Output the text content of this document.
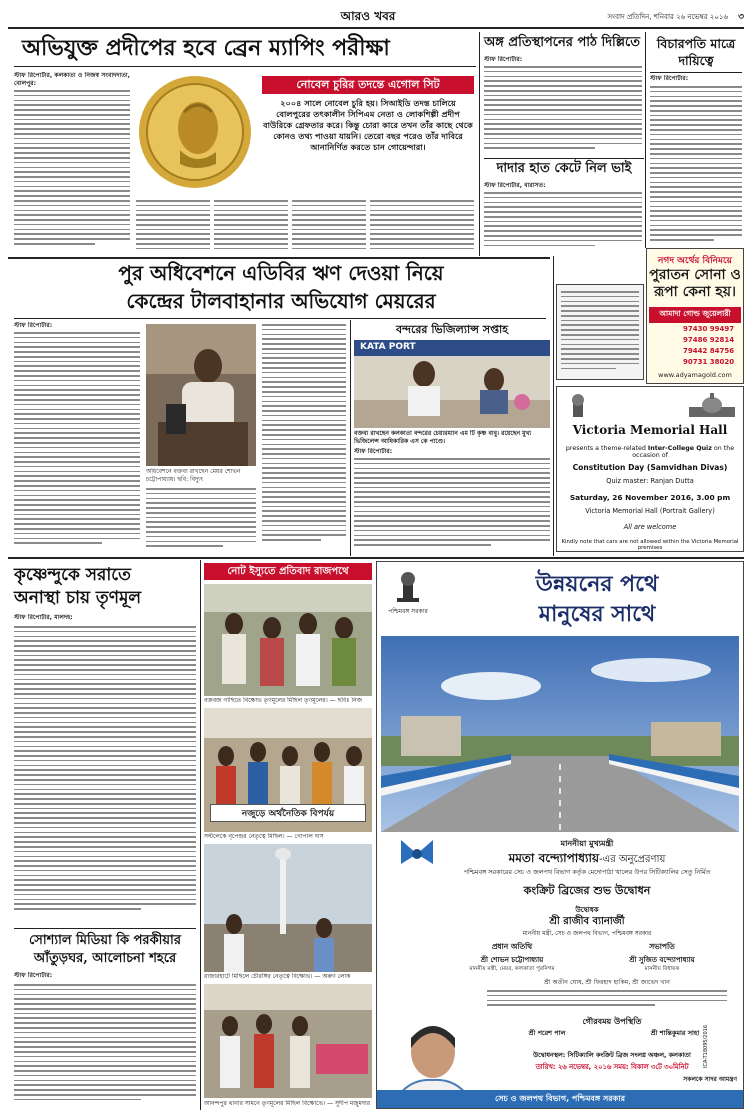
আরও খবর	সংবাদ প্রতিদিন, শনিবার ২৬ নভেম্বর ২০১৬ ৩
অভিযুক্ত প্রদীপের হবে ব্রেন ম্যাপিং পরীক্ষা
স্টাফ রিপোর্টার, কলকাতা ও নিজস্ব সংবাদদাতা, বোলপুর:	নোবেল চুরির তদন্তে এগোল সিট
২০০৪ সালে নোবেল চুরি হয়। সিআইডি তদন্ত চালিয়ে বোলপুরের তৎকালীন সিপিএম নেতা ও লোকশিল্পী প্রদীপ বাউরিকে গ্রেফতার করে। কিন্তু চোরা কারে তখন তাঁর কাছে থেকে কোনও তথ্য পাওয়া যায়নি। তেরো বছর পরেও তাঁর দাবিরে আনানির্ণিত করতে চান গোয়েন্দারা।
অঙ্গ প্রতিস্থাপনের পাঠ দিল্লিতে
স্টাফ রিপোর্টার:
বিচারপতি মাত্রে দায়িত্বে
স্টাফ রিপোর্টার:
দাদার হাত কেটে নিল ভাই
স্টাফ রিপোর্টার, বারাসত:
নগদ অর্থের বিনিময়ে
পুরাতন সোনা ও রূপা কেনা হয়।
আমাদা গোল্ড জুয়েলারী
97430 99497
97486 92814
79442 84756
90731 38020
www.adyamagold.com
পুর অধিবেশনে এডিবির ঋণ দেওয়া নিয়ে
কেন্দ্রের টালবাহানার অভিযোগ মেয়রের
স্টাফ রিপোর্টার:
অধিবেশনে বক্তব্য রাখছেন মেয়র শোভন চট্টোপাধ্যায়। ছবি: বিদ্যুৎ
বন্দরের ভিজিল্যান্স সপ্তাহ
KATA PORT
বক্তব্য রাখছেন কলকাতা বন্দরের চেয়ারম্যান এম টি কৃষ্ণ বাবু। রয়েছেন মুখ্য ভিজিলেন্স আধিকারিক এস কে পাণ্ডে।
স্টাফ রিপোর্টার:
Victoria Memorial Hall
presents a theme-related Inter-College Quiz on the occasion of
Constitution Day (Samvidhan Divas)
Quiz master: Ranjan Dutta
Saturday, 26 November 2016, 3.00 pm
Victoria Memorial Hall (Portrait Gallery)
All are welcome
Kindly note that cars are not allowed within the Victoria Memorial premises
কৃষ্ণেন্দুকে সরাতে
অনাস্থা চায় তৃণমূল
স্টাফ রিপোর্টার, মালদহ:
সোশ্যাল মিডিয়া কি পরকীয়ার
আঁতুড়ঘর, আলোচনা শহরে
স্টাফ রিপোর্টার:
নোট ইস্যুতে প্রতিবাদ রাজপথে
বজবজ গাছিতে বিক্ষোভ তৃণমূলের মিছিল তৃণমূলের। — ছবিঃ নিজ
নজুড়ে অর্থনৈতিক বিপর্যয়
সল্টলেকে নৃপেন্দ্রর নেতৃত্বে মিছিল। — গোপাল দাস
রাজারহাটে মিছিলে চৌরঙ্গির নেতৃত্বে বিক্ষোভ। — অরুণ লোক
আনন্দপুর থানার সামনে তৃণমূলের মিছিল বিক্ষোভে। — সুদীপ মজুমদার
পশ্চিমবঙ্গ সরকার
উন্নয়নের পথে
মানুষের সাথে
মাননীয়া মুখ্যমন্ত্রী
মমতা বন্দ্যোপাধ্যায়-এর অনুপ্রেরণায়
পশ্চিমবঙ্গ সরকারের সেচ ও জলপথ বিভাগ কর্তৃক মেদোপাঠা খালের উপর সিটিক্যালির সেতু নির্মিত
কংক্রিট ব্রিজের শুভ উদ্বোধন
উদ্বোধক
শ্রী রাজীব ব্যানার্জী
মাননীয় মন্ত্রী, সেচ ও জলপথ বিভাগ, পশ্চিমবঙ্গ সরকার
প্রধান অতিথি	সভাপতি
শ্রী শোভন চট্টোপাধ্যায়	শ্রী সুজিত বন্দ্যোপাধ্যায়
মাননীয় মন্ত্রী, মেয়র, কলকাতা পুরনিগম	মাননীয় বিধায়ক
শ্রী অতীন ঘোষ, শ্রী ফিরহাদ হাকিম, শ্রী জাভেদ খান
গৌরবময় উপস্থিতি
শ্রী পরেশ পাল	শ্রী শান্তিকুমার সাহা
উদ্বোধনস্থল: সিটিক্যালি কংক্রিট ব্রিজ সংলগ্ন অঞ্চল, কলকাতা
তারিখ: ২৬ নভেম্বর, ২০১৬ সময়: বিকাল ৩টে ৩০মিনিট
সকলকে সাদর আমন্ত্রণ
সেচ ও জলপথ বিভাগ, পশ্চিমবঙ্গ সরকার
ICA-T18095/2016
